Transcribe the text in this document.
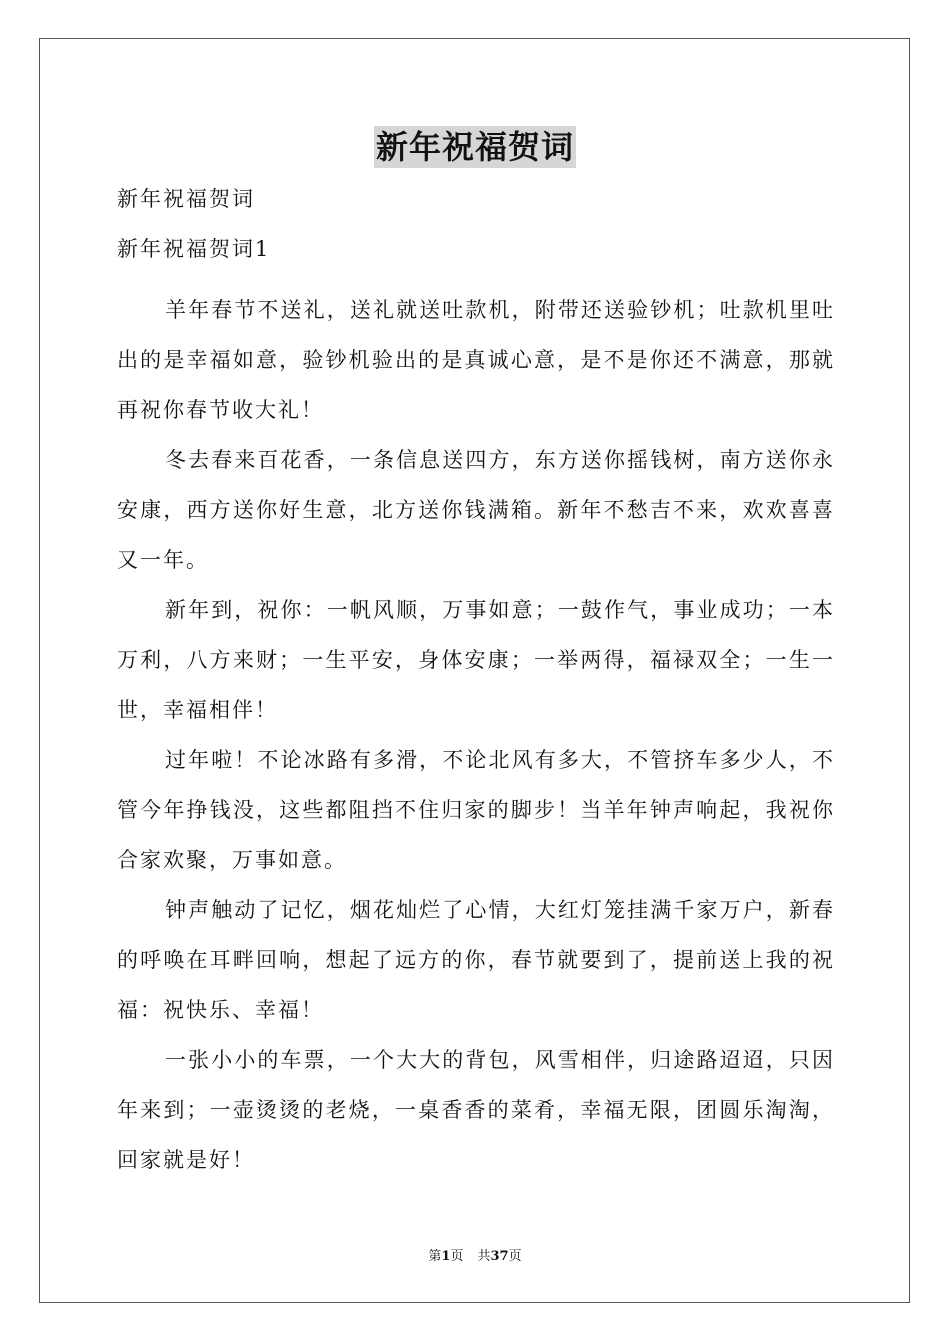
新年祝福贺词
新年祝福贺词
新年祝福贺词1

羊年春节不送礼，送礼就送吐款机，附带还送验钞机；吐款机里吐出的是幸福如意，验钞机验出的是真诚心意，是不是你还不满意，那就再祝你春节收大礼！

冬去春来百花香，一条信息送四方，东方送你摇钱树，南方送你永安康，西方送你好生意，北方送你钱满箱。新年不愁吉不来，欢欢喜喜又一年。

新年到，祝你：一帆风顺，万事如意；一鼓作气，事业成功；一本万利，八方来财；一生平安，身体安康；一举两得，福禄双全；一生一世，幸福相伴！

过年啦！不论冰路有多滑，不论北风有多大，不管挤车多少人，不管今年挣钱没，这些都阻挡不住归家的脚步！当羊年钟声响起，我祝你合家欢聚，万事如意。

钟声触动了记忆，烟花灿烂了心情，大红灯笼挂满千家万户，新春的呼唤在耳畔回响，想起了远方的你，春节就要到了，提前送上我的祝福：祝快乐、幸福！

一张小小的车票，一个大大的背包，风雪相伴，归途路迢迢，只因年来到；一壶烫烫的老烧，一桌香香的菜肴，幸福无限，团圆乐淘淘，回家就是好！

第1页 共37页
